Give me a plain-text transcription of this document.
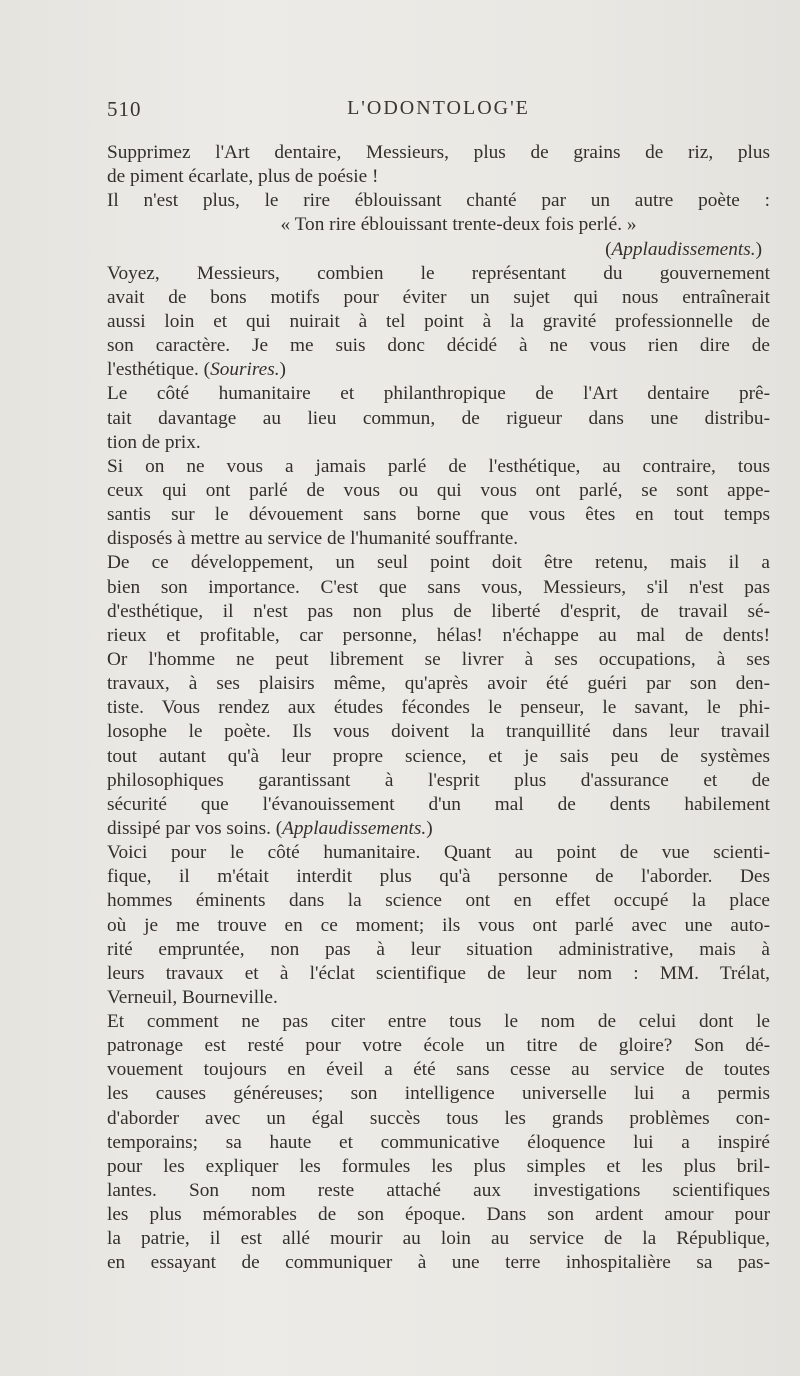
510	L'ODONTOLOG'E
Supprimez l'Art dentaire, Messieurs, plus de grains de riz, plus
de piment écarlate, plus de poésie !
Il n'est plus, le rire éblouissant chanté par un autre poète :
« Ton rire éblouissant trente-deux fois perlé. »
(Applaudissements.)
Voyez, Messieurs, combien le représentant du gouvernement
avait de bons motifs pour éviter un sujet qui nous entraînerait
aussi loin et qui nuirait à tel point à la gravité professionnelle de
son caractère. Je me suis donc décidé à ne vous rien dire de
l'esthétique. (Sourires.)
Le côté humanitaire et philanthropique de l'Art dentaire prê-
tait davantage au lieu commun, de rigueur dans une distribu-
tion de prix.
Si on ne vous a jamais parlé de l'esthétique, au contraire, tous
ceux qui ont parlé de vous ou qui vous ont parlé, se sont appe-
santis sur le dévouement sans borne que vous êtes en tout temps
disposés à mettre au service de l'humanité souffrante.
De ce développement, un seul point doit être retenu, mais il a
bien son importance. C'est que sans vous, Messieurs, s'il n'est pas
d'esthétique, il n'est pas non plus de liberté d'esprit, de travail sé-
rieux et profitable, car personne, hélas! n'échappe au mal de dents!
Or l'homme ne peut librement se livrer à ses occupations, à ses
travaux, à ses plaisirs même, qu'après avoir été guéri par son den-
tiste. Vous rendez aux études fécondes le penseur, le savant, le phi-
losophe le poète. Ils vous doivent la tranquillité dans leur travail
tout autant qu'à leur propre science, et je sais peu de systèmes
philosophiques garantissant à l'esprit plus d'assurance et de
sécurité que l'évanouissement d'un mal de dents habilement
dissipé par vos soins. (Applaudissements.)
Voici pour le côté humanitaire. Quant au point de vue scienti-
fique, il m'était interdit plus qu'à personne de l'aborder. Des
hommes éminents dans la science ont en effet occupé la place
où je me trouve en ce moment; ils vous ont parlé avec une auto-
rité empruntée, non pas à leur situation administrative, mais à
leurs travaux et à l'éclat scientifique de leur nom : MM. Trélat,
Verneuil, Bourneville.
Et comment ne pas citer entre tous le nom de celui dont le
patronage est resté pour votre école un titre de gloire? Son dé-
vouement toujours en éveil a été sans cesse au service de toutes
les causes généreuses; son intelligence universelle lui a permis
d'aborder avec un égal succès tous les grands problèmes con-
temporains; sa haute et communicative éloquence lui a inspiré
pour les expliquer les formules les plus simples et les plus bril-
lantes. Son nom reste attaché aux investigations scientifiques
les plus mémorables de son époque. Dans son ardent amour pour
la patrie, il est allé mourir au loin au service de la République,
en essayant de communiquer à une terre inhospitalière sa pas-
